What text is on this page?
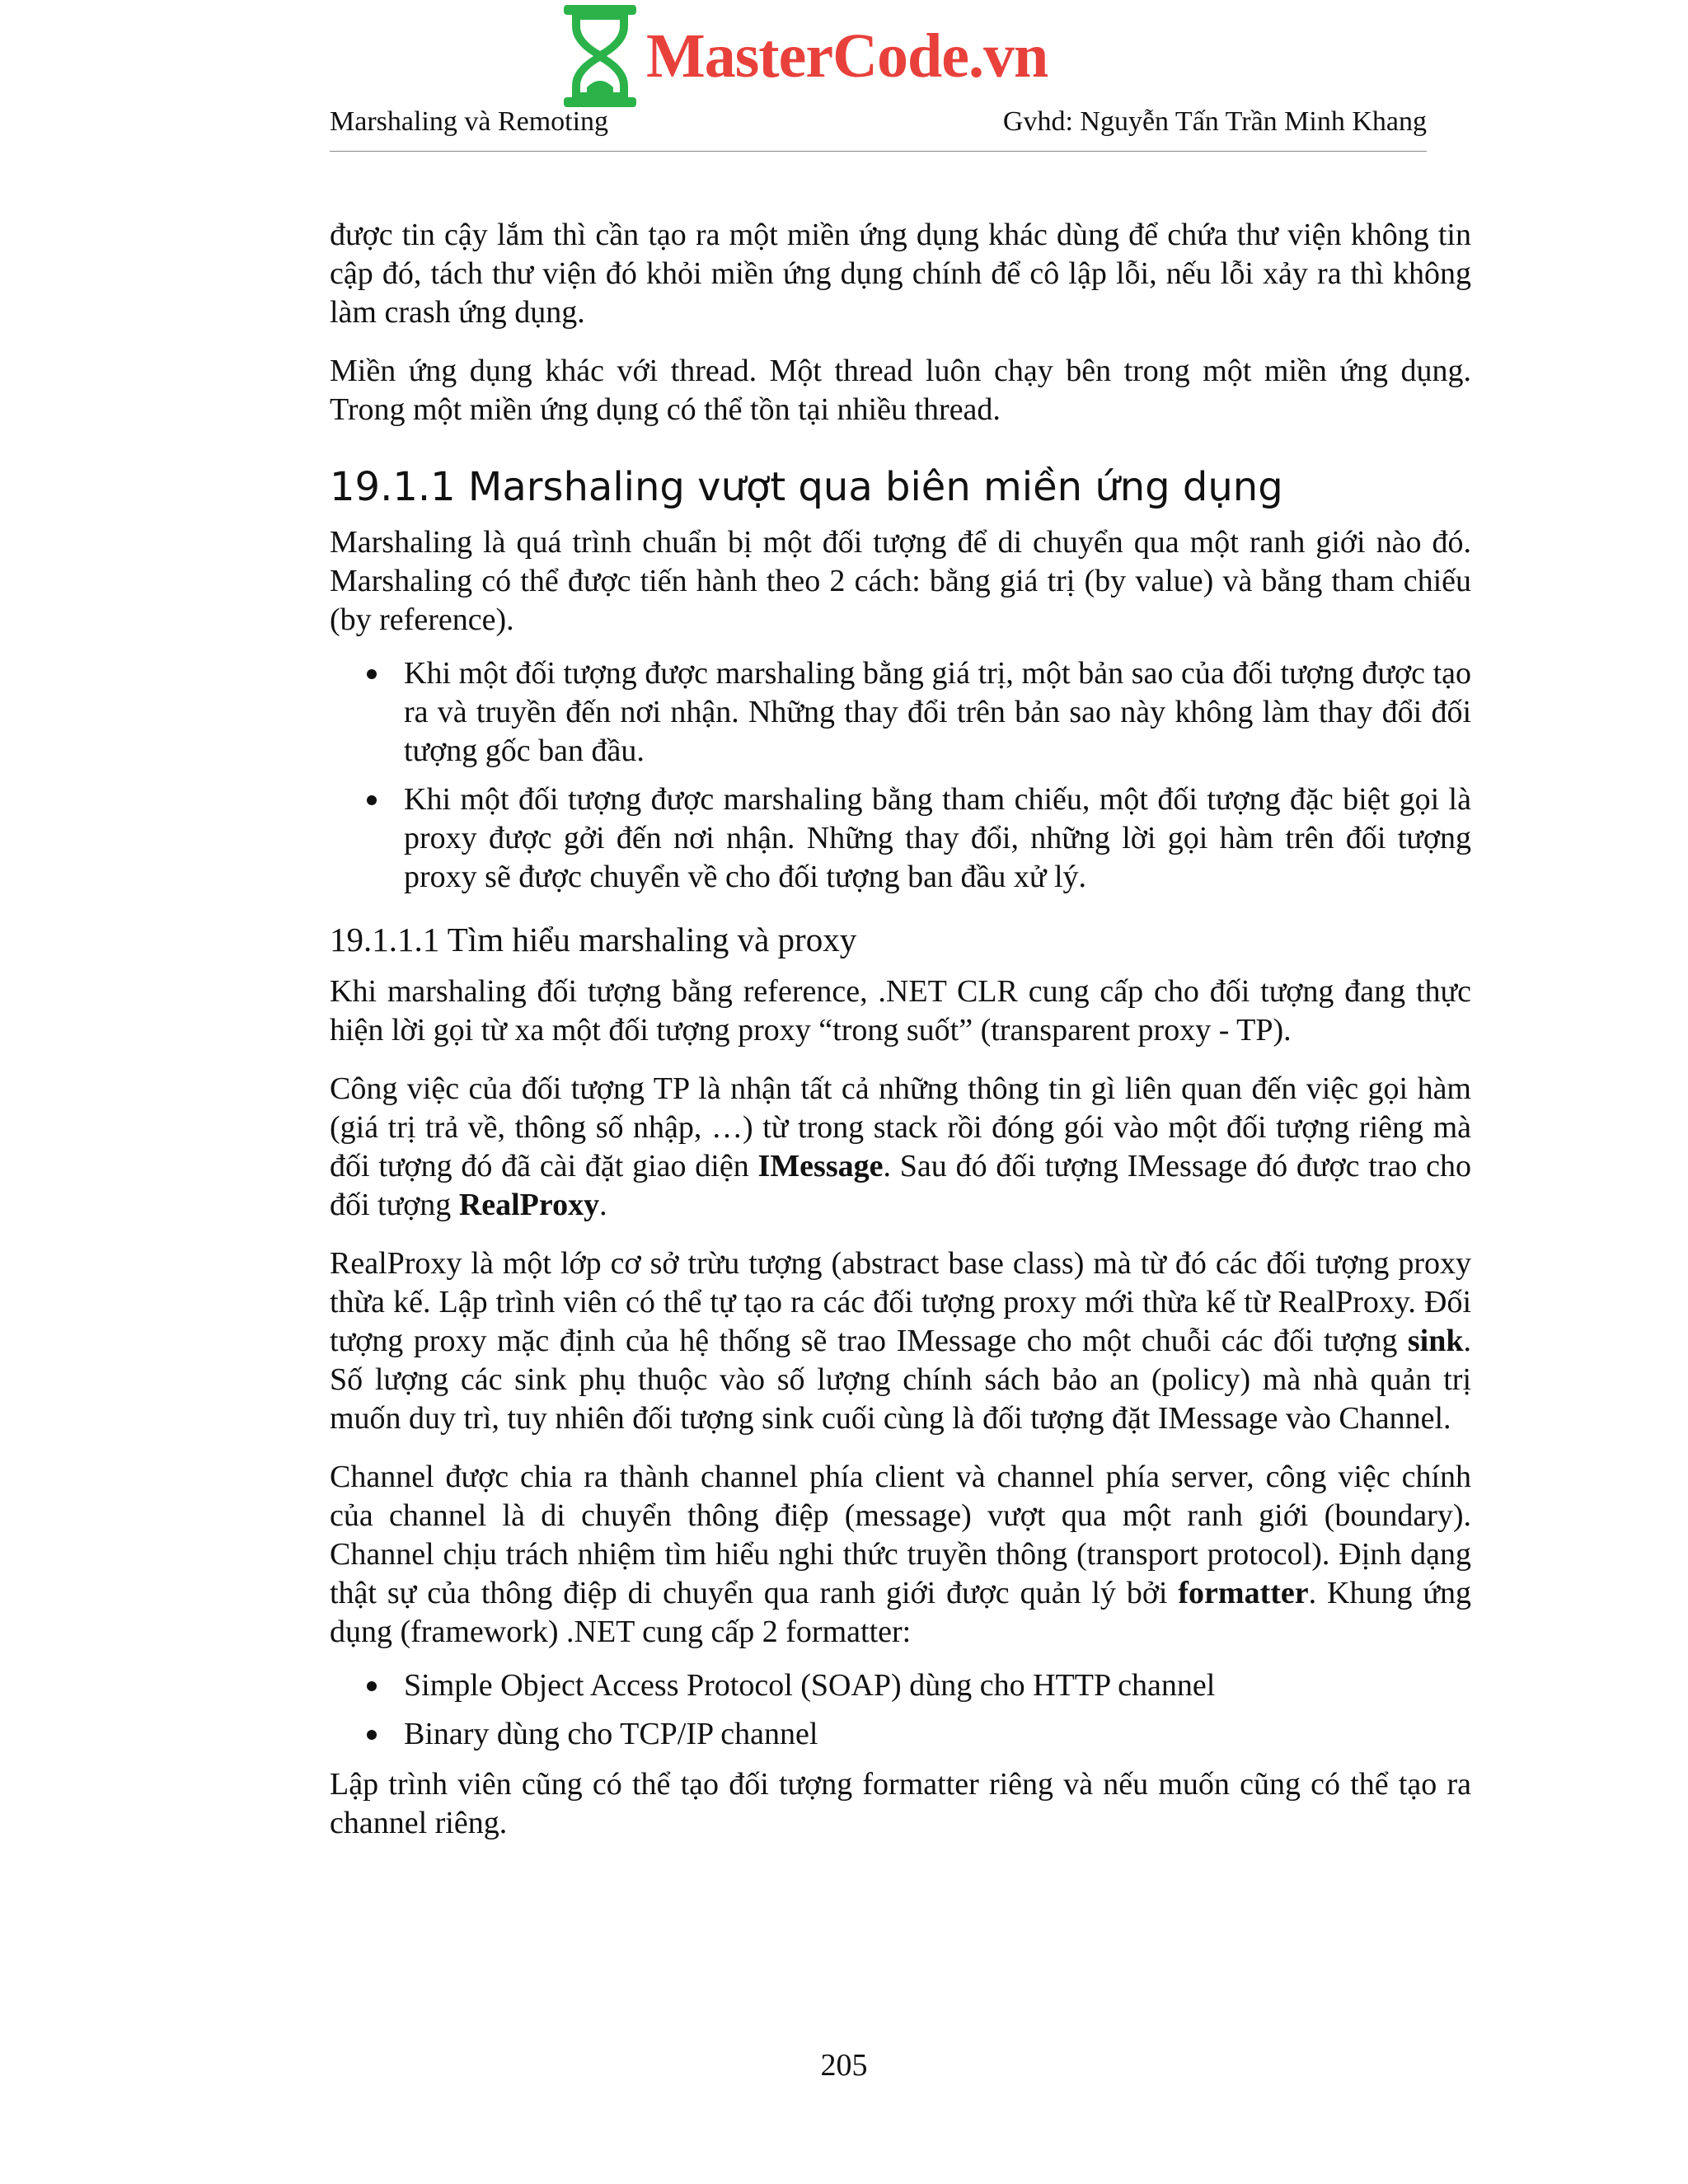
MasterCode.vn
Marshaling và Remoting	Gvhd: Nguyễn Tấn Trần Minh Khang

được tin cậy lắm thì cần tạo ra một miền ứng dụng khác dùng để chứa thư viện không tin cập đó, tách thư viện đó khỏi miền ứng dụng chính để cô lập lỗi, nếu lỗi xảy ra thì không làm crash ứng dụng.

Miền ứng dụng khác với thread. Một thread luôn chạy bên trong một miền ứng dụng. Trong một miền ứng dụng có thể tồn tại nhiều thread.

19.1.1 Marshaling vượt qua biên miền ứng dụng

Marshaling là quá trình chuẩn bị một đối tượng để di chuyển qua một ranh giới nào đó. Marshaling có thể được tiến hành theo 2 cách: bằng giá trị (by value) và bằng tham chiếu (by reference).

Khi một đối tượng được marshaling bằng giá trị, một bản sao của đối tượng được tạo ra và truyền đến nơi nhận. Những thay đổi trên bản sao này không làm thay đổi đối tượng gốc ban đầu.
Khi một đối tượng được marshaling bằng tham chiếu, một đối tượng đặc biệt gọi là proxy được gởi đến nơi nhận. Những thay đổi, những lời gọi hàm trên đối tượng proxy sẽ được chuyển về cho đối tượng ban đầu xử lý.
19.1.1.1 Tìm hiểu marshaling và proxy

Khi marshaling đối tượng bằng reference, .NET CLR cung cấp cho đối tượng đang thực hiện lời gọi từ xa một đối tượng proxy “trong suốt” (transparent proxy - TP).

Công việc của đối tượng TP là nhận tất cả những thông tin gì liên quan đến việc gọi hàm (giá trị trả về, thông số nhập, …) từ trong stack rồi đóng gói vào một đối tượng riêng mà đối tượng đó đã cài đặt giao diện IMessage. Sau đó đối tượng IMessage đó được trao cho đối tượng RealProxy.

RealProxy là một lớp cơ sở trừu tượng (abstract base class) mà từ đó các đối tượng proxy thừa kế. Lập trình viên có thể tự tạo ra các đối tượng proxy mới thừa kế từ RealProxy. Đối tượng proxy mặc định của hệ thống sẽ trao IMessage cho một chuỗi các đối tượng sink. Số lượng các sink phụ thuộc vào số lượng chính sách bảo an (policy) mà nhà quản trị muốn duy trì, tuy nhiên đối tượng sink cuối cùng là đối tượng đặt IMessage vào Channel.

Channel được chia ra thành channel phía client và channel phía server, công việc chính của channel là di chuyển thông điệp (message) vượt qua một ranh giới (boundary). Channel chịu trách nhiệm tìm hiểu nghi thức truyền thông (transport protocol). Định dạng thật sự của thông điệp di chuyển qua ranh giới được quản lý bởi formatter. Khung ứng dụng (framework) .NET cung cấp 2 formatter:

Simple Object Access Protocol (SOAP) dùng cho HTTP channel
Binary dùng cho TCP/IP channel

Lập trình viên cũng có thể tạo đối tượng formatter riêng và nếu muốn cũng có thể tạo ra channel riêng.

205
